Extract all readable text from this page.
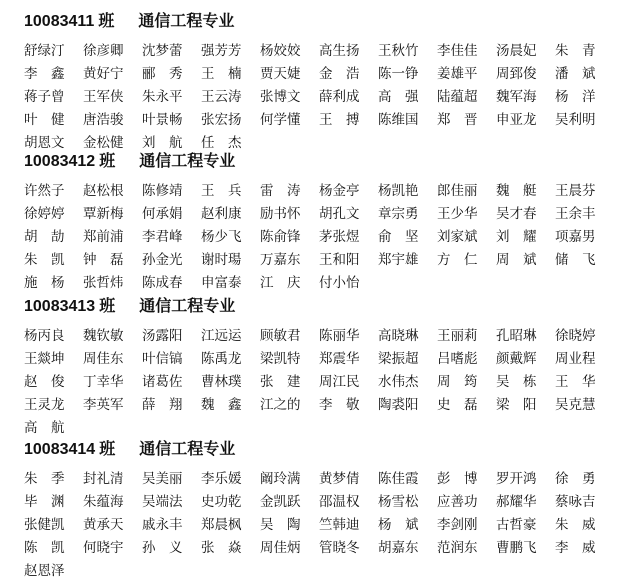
10083411 班 通信工程专业
舒绿汀	徐彦卿	沈梦蕾	强芳芳	杨姣姣	高生扬	王秋竹	李佳佳	汤晨妃	朱　青
李　鑫	黄好宁	郦　秀	王　楠	贾天婕	金　浩	陈一铮	姜雄平	周郅俊	潘　斌
蒋子曾	王军侠	朱永平	王云涛	张博文	薛利成	高　强	陆蕴超	魏军海	杨　洋
叶　健	唐浩骏	叶景畅	张宏扬	何学懂	王　搏	陈维国	郑　晋	申亚龙	吴利明
胡恩文	金松健	刘　航	任　杰
10083412 班 通信工程专业
许然子	赵松根	陈修靖	王　兵	雷　涛	杨金亭	杨凯艳	郎佳丽	魏　艇	王晨芬
徐婷婷	覃新梅	何承娟	赵利康	励书怀	胡孔文	章宗勇	王少华	吴才春	王余丰
胡　劼	郑前浦	李君峰	杨少飞	陈俞锋	茅张煜	俞　坚	刘家斌	刘　耀	项嘉男
朱　凯	钟　磊	孙金光	谢时瑒	万嘉东	王和阳	郑宇雄	方　仁	周　斌	储　飞
施　杨	张哲炜	陈成春	申富泰	江　庆	付小怡
10083413 班 通信工程专业
杨丙良	魏钦敏	汤露阳	江远运	顾敏君	陈丽华	高晓琳	王丽莉	孔昭琳	徐晓婷
王燚坤	周佳东	叶信镐	陈禹龙	梁凯特	郑震华	梁振超	吕嗜彪	颜戴辉	周业程
赵　俊	丁幸华	诸葛佐	曹林璞	张　建	周江民	水伟杰	周　筠	吴　栋	王　华
王灵龙	李英军	薛　翔	魏　鑫	江之的	李　敬	陶裘阳	史　磊	梁　阳	吴克慧
高　航
10083414 班 通信工程专业
朱　季	封礼清	吴美丽	李乐媛	阚玲满	黄梦倩	陈佳霞	彭　博	罗开鸿	徐　勇
毕　渊	朱蕴海	吴端法	史功乾	金凯跃	邵温权	杨雪松	应善功	郝耀华	蔡咏吉
张健凯	黄承天	戚永丰	郑晨枫	吴　陶	竺韩迪	杨　斌	李剑刚	古哲豪	朱　威
陈　凯	何晓宇	孙　义	张　焱	周佳炳	管晓冬	胡嘉东	范润东	曹鹏飞	李　威
赵恩泽
